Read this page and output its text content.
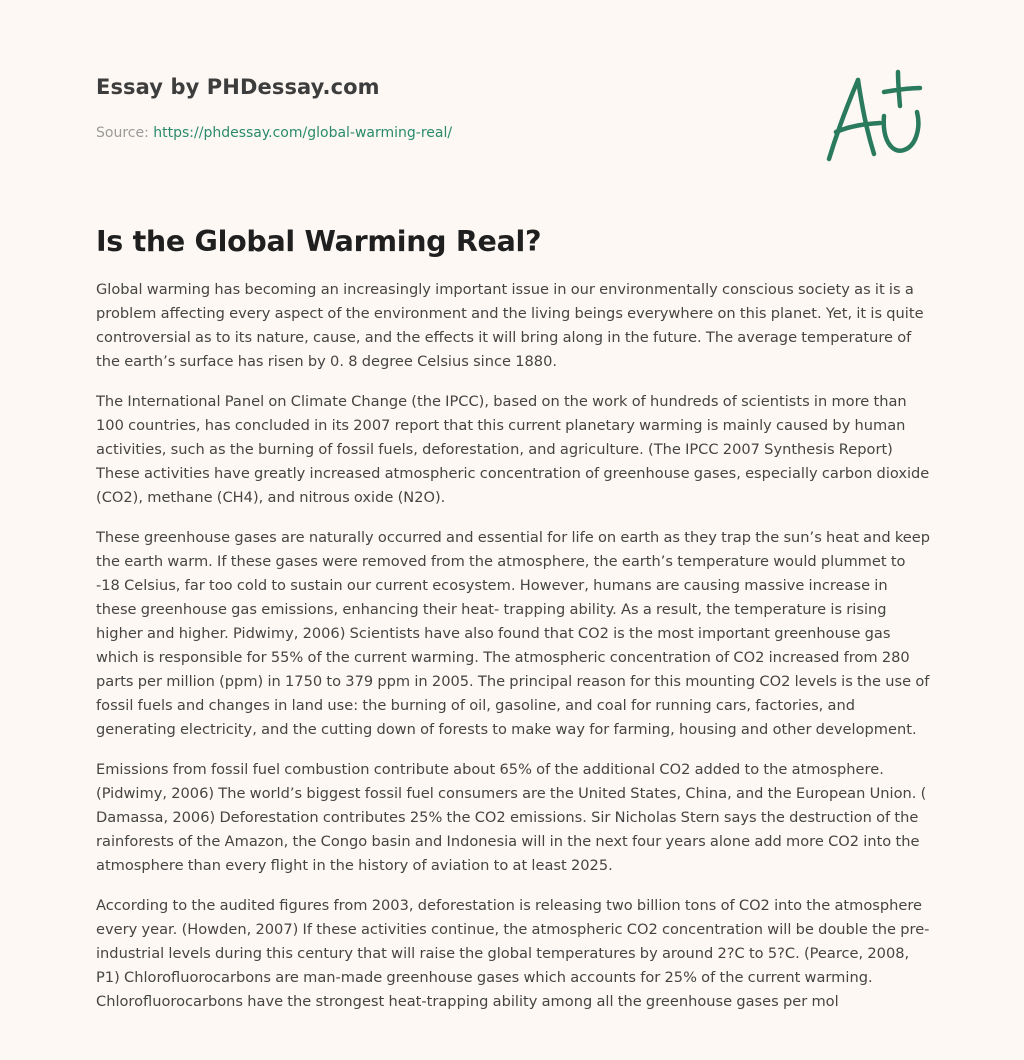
Essay by PHDessay.com
Source: https://phdessay.com/global-warming-real/
Is the Global Warming Real?

Global warming has becoming an increasingly important issue in our environmentally conscious society as it is a problem affecting every aspect of the environment and the living beings everywhere on this planet. Yet, it is quite controversial as to its nature, cause, and the effects it will bring along in the future. The average temperature of the earth’s surface has risen by 0. 8 degree Celsius since 1880.

The International Panel on Climate Change (the IPCC), based on the work of hundreds of scientists in more than 100 countries, has concluded in its 2007 report that this current planetary warming is mainly caused by human activities, such as the burning of fossil fuels, deforestation, and agriculture. (The IPCC 2007 Synthesis Report) These activities have greatly increased atmospheric concentration of greenhouse gases, especially carbon dioxide (CO2), methane (CH4), and nitrous oxide (N2O).

These greenhouse gases are naturally occurred and essential for life on earth as they trap the sun’s heat and keep the earth warm. If these gases were removed from the atmosphere, the earth’s temperature would plummet to -18 Celsius, far too cold to sustain our current ecosystem. However, humans are causing massive increase in these greenhouse gas emissions, enhancing their heat- trapping ability. As a result, the temperature is rising higher and higher. Pidwimy, 2006) Scientists have also found that CO2 is the most important greenhouse gas which is responsible for 55% of the current warming. The atmospheric concentration of CO2 increased from 280 parts per million (ppm) in 1750 to 379 ppm in 2005. The principal reason for this mounting CO2 levels is the use of fossil fuels and changes in land use: the burning of oil, gasoline, and coal for running cars, factories, and generating electricity, and the cutting down of forests to make way for farming, housing and other development.

Emissions from fossil fuel combustion contribute about 65% of the additional CO2 added to the atmosphere. (Pidwimy, 2006) The world’s biggest fossil fuel consumers are the United States, China, and the European Union. ( Damassa, 2006) Deforestation contributes 25% the CO2 emissions. Sir Nicholas Stern says the destruction of the rainforests of the Amazon, the Congo basin and Indonesia will in the next four years alone add more CO2 into the atmosphere than every flight in the history of aviation to at least 2025.

According to the audited figures from 2003, deforestation is releasing two billion tons of CO2 into the atmosphere every year. (Howden, 2007) If these activities continue, the atmospheric CO2 concentration will be double the pre-industrial levels during this century that will raise the global temperatures by around 2?C to 5?C. (Pearce, 2008, P1) Chlorofluorocarbons are man-made greenhouse gases which accounts for 25% of the current warming. Chlorofluorocarbons have the strongest heat-trapping ability among all the greenhouse gases per mol
